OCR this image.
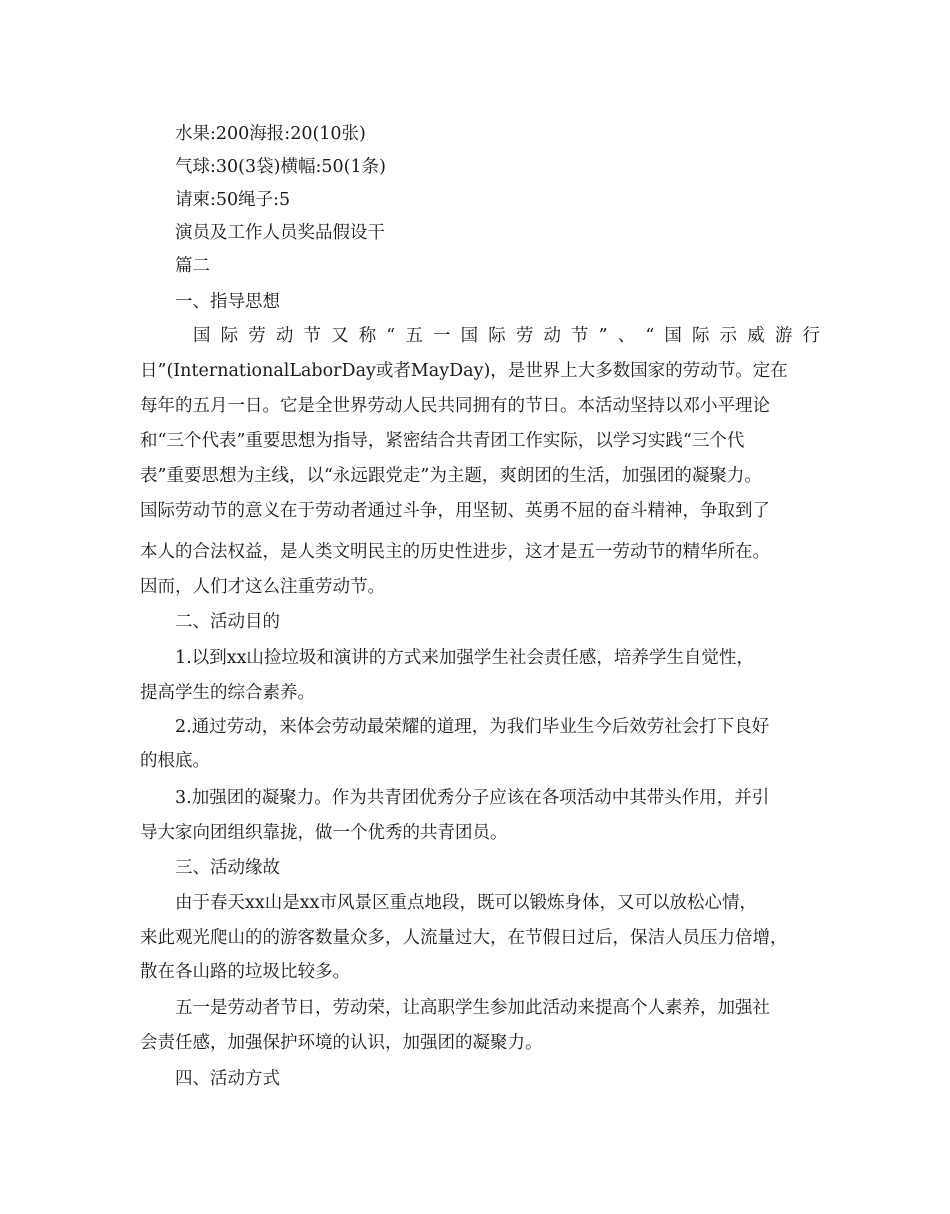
水果:200海报:20(10张)
气球:30(3袋)横幅:50(1条)
请柬:50绳子:5
演员及工作人员奖品假设干
篇二
一、指导思想
国际劳动节又称“五一国际劳动节”、“国际示威游行
日”(InternationalLaborDay或者MayDay)，是世界上大多数国家的劳动节。定在
每年的五月一日。它是全世界劳动人民共同拥有的节日。本活动坚持以邓小平理论
和“三个代表”重要思想为指导，紧密结合共青团工作实际，以学习实践“三个代
表”重要思想为主线，以“永远跟党走”为主题，爽朗团的生活，加强团的凝聚力。
国际劳动节的意义在于劳动者通过斗争，用坚韧、英勇不屈的奋斗精神，争取到了
本人的合法权益，是人类文明民主的历史性进步，这才是五一劳动节的精华所在。
因而，人们才这么注重劳动节。
二、活动目的
1.以到xx山捡垃圾和演讲的方式来加强学生社会责任感，培养学生自觉性，
提高学生的综合素养。
2.通过劳动，来体会劳动最荣耀的道理，为我们毕业生今后效劳社会打下良好
的根底。
3.加强团的凝聚力。作为共青团优秀分子应该在各项活动中其带头作用，并引
导大家向团组织靠拢，做一个优秀的共青团员。
三、活动缘故
由于春天xx山是xx市风景区重点地段，既可以锻炼身体，又可以放松心情，
来此观光爬山的的游客数量众多，人流量过大，在节假日过后，保洁人员压力倍增，
散在各山路的垃圾比较多。
五一是劳动者节日，劳动荣，让高职学生参加此活动来提高个人素养，加强社
会责任感，加强保护环境的认识，加强团的凝聚力。
四、活动方式
